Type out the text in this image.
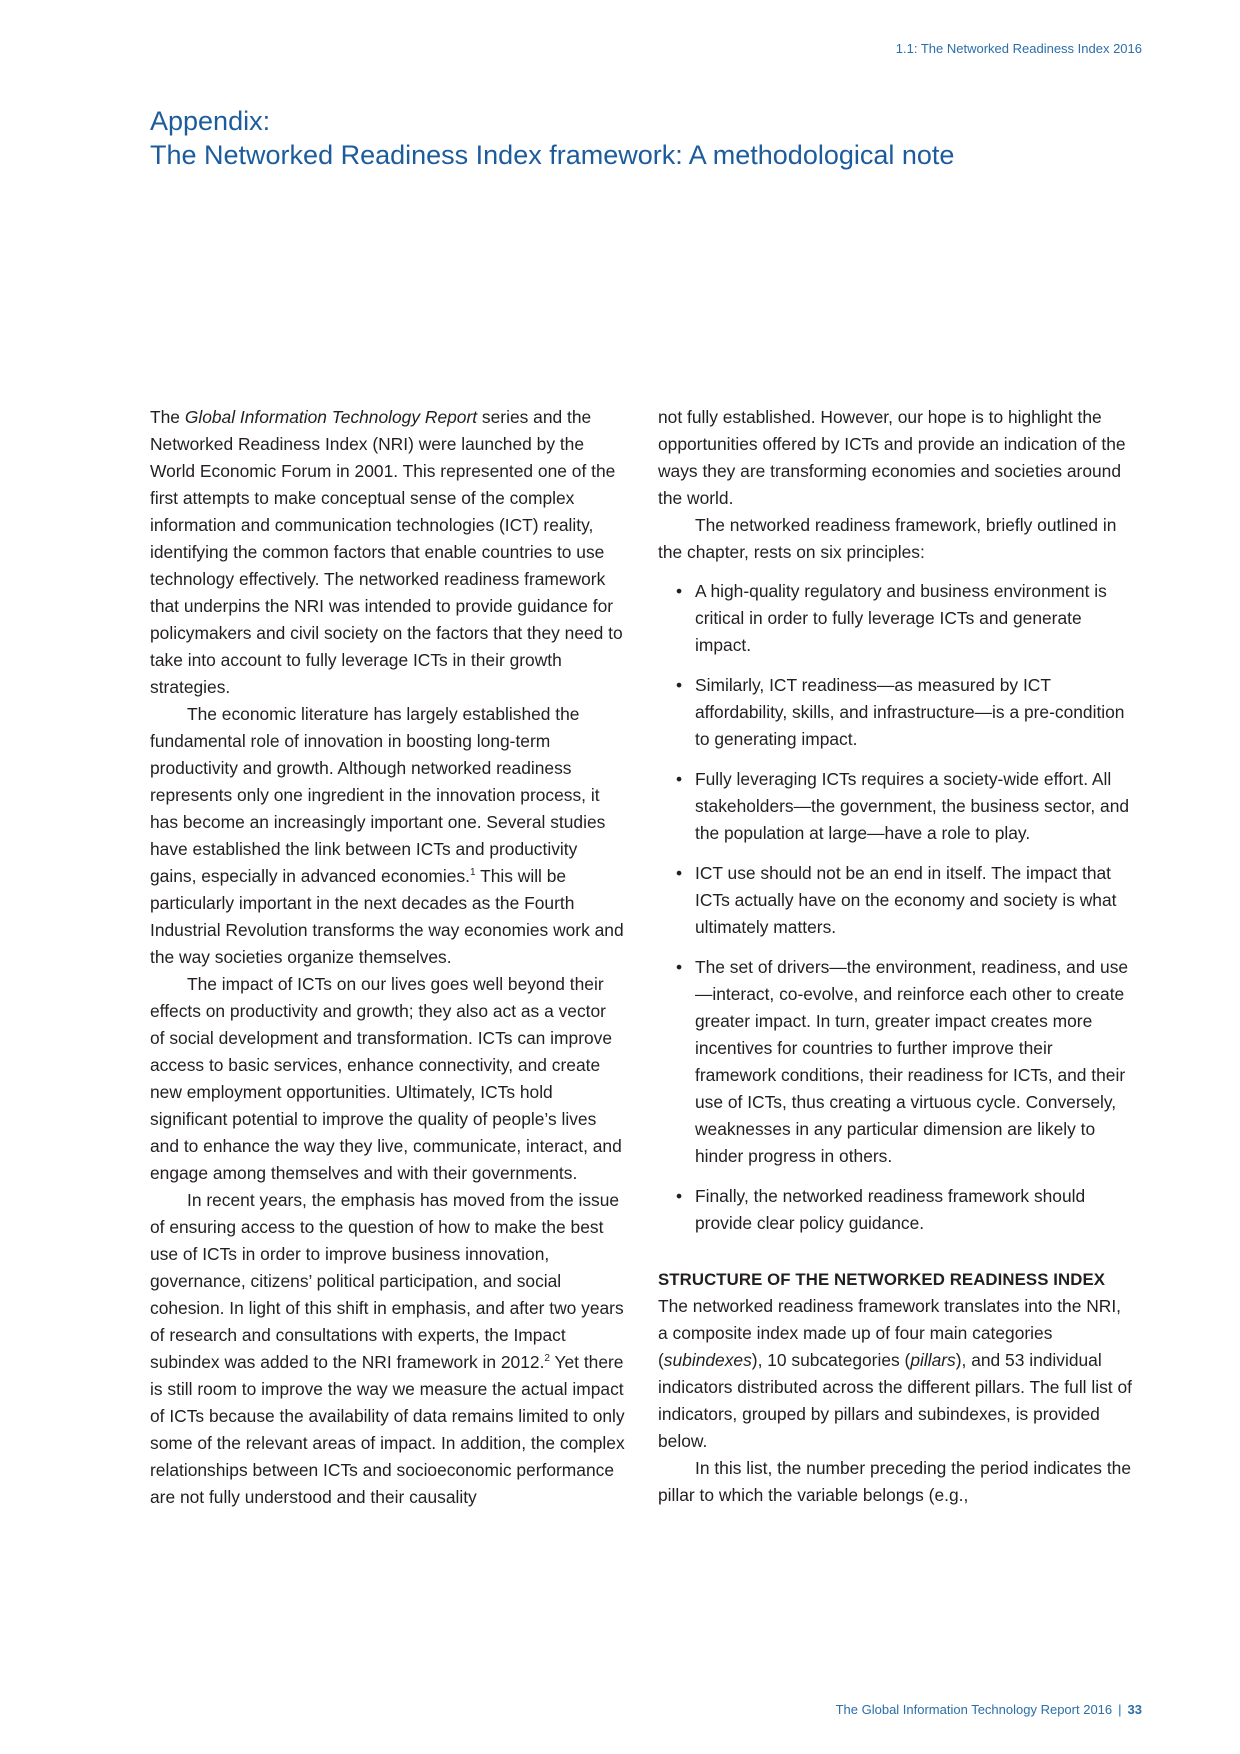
1.1: The Networked Readiness Index 2016
Appendix:
The Networked Readiness Index framework: A methodological note

The Global Information Technology Report series and the Networked Readiness Index (NRI) were launched by the World Economic Forum in 2001. This represented one of the first attempts to make conceptual sense of the complex information and communication technologies (ICT) reality, identifying the common factors that enable countries to use technology effectively. The networked readiness framework that underpins the NRI was intended to provide guidance for policymakers and civil society on the factors that they need to take into account to fully leverage ICTs in their growth strategies.

The economic literature has largely established the fundamental role of innovation in boosting long-term productivity and growth. Although networked readiness represents only one ingredient in the innovation process, it has become an increasingly important one. Several studies have established the link between ICTs and productivity gains, especially in advanced economies.$^1$ This will be particularly important in the next decades as the Fourth Industrial Revolution transforms the way economies work and the way societies organize themselves.

The impact of ICTs on our lives goes well beyond their effects on productivity and growth; they also act as a vector of social development and transformation. ICTs can improve access to basic services, enhance connectivity, and create new employment opportunities. Ultimately, ICTs hold significant potential to improve the quality of people’s lives and to enhance the way they live, communicate, interact, and engage among themselves and with their governments.

In recent years, the emphasis has moved from the issue of ensuring access to the question of how to make the best use of ICTs in order to improve business innovation, governance, citizens’ political participation, and social cohesion. In light of this shift in emphasis, and after two years of research and consultations with experts, the Impact subindex was added to the NRI framework in 2012.$^2$ Yet there is still room to improve the way we measure the actual impact of ICTs because the availability of data remains limited to only some of the relevant areas of impact. In addition, the complex relationships between ICTs and socioeconomic performance are not fully understood and their causality

not fully established. However, our hope is to highlight the opportunities offered by ICTs and provide an indication of the ways they are transforming economies and societies around the world.

The networked readiness framework, briefly outlined in the chapter, rests on six principles:

• A high-quality regulatory and business environment is critical in order to fully leverage ICTs and generate impact.
• Similarly, ICT readiness—as measured by ICT affordability, skills, and infrastructure—is a pre-condition to generating impact.
• Fully leveraging ICTs requires a society-wide effort. All stakeholders—the government, the business sector, and the population at large—have a role to play.
• ICT use should not be an end in itself. The impact that ICTs actually have on the economy and society is what ultimately matters.
• The set of drivers—the environment, readiness, and use—interact, co-evolve, and reinforce each other to create greater impact. In turn, greater impact creates more incentives for countries to further improve their framework conditions, their readiness for ICTs, and their use of ICTs, thus creating a virtuous cycle. Conversely, weaknesses in any particular dimension are likely to hinder progress in others.
• Finally, the networked readiness framework should provide clear policy guidance.
STRUCTURE OF THE NETWORKED READINESS INDEX

The networked readiness framework translates into the NRI, a composite index made up of four main categories (subindexes), 10 subcategories (pillars), and 53 individual indicators distributed across the different pillars. The full list of indicators, grouped by pillars and subindexes, is provided below.

In this list, the number preceding the period indicates the pillar to which the variable belongs (e.g.,

The Global Information Technology Report 2016 | 33
